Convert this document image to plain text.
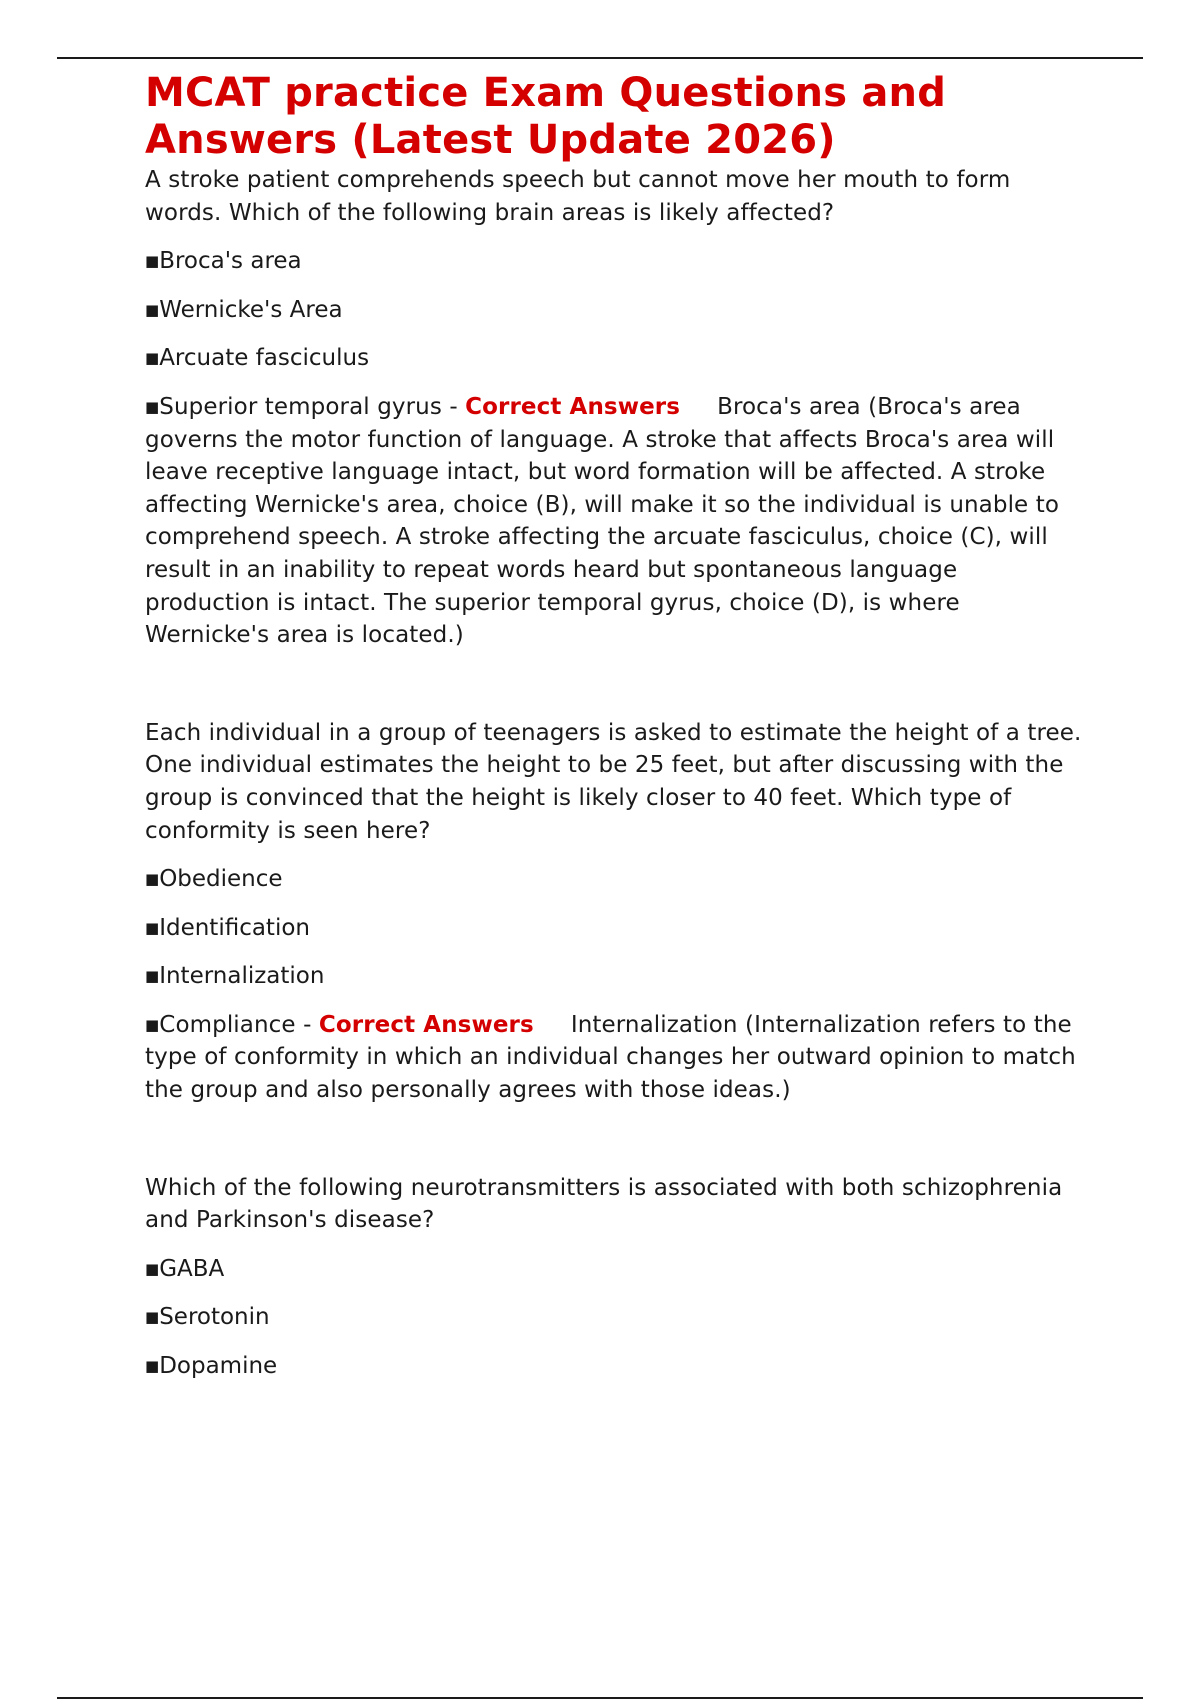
MCAT practice Exam Questions and Answers (Latest Update 2026)

A stroke patient comprehends speech but cannot move her mouth to form words. Which of the following brain areas is likely affected?

■Broca's area

■Wernicke's Area

■Arcuate fasciculus

■Superior temporal gyrus - Correct Answers Broca's area (Broca's area governs the motor function of language. A stroke that affects Broca's area will leave receptive language intact, but word formation will be affected. A stroke affecting Wernicke's area, choice (B), will make it so the individual is unable to comprehend speech. A stroke affecting the arcuate fasciculus, choice (C), will result in an inability to repeat words heard but spontaneous language production is intact. The superior temporal gyrus, choice (D), is where Wernicke's area is located.)

Each individual in a group of teenagers is asked to estimate the height of a tree. One individual estimates the height to be 25 feet, but after discussing with the group is convinced that the height is likely closer to 40 feet. Which type of conformity is seen here?

■Obedience

■Identification

■Internalization

■Compliance - Correct Answers Internalization (Internalization refers to the type of conformity in which an individual changes her outward opinion to match the group and also personally agrees with those ideas.)

Which of the following neurotransmitters is associated with both schizophrenia and Parkinson's disease?

■GABA

■Serotonin

■Dopamine
